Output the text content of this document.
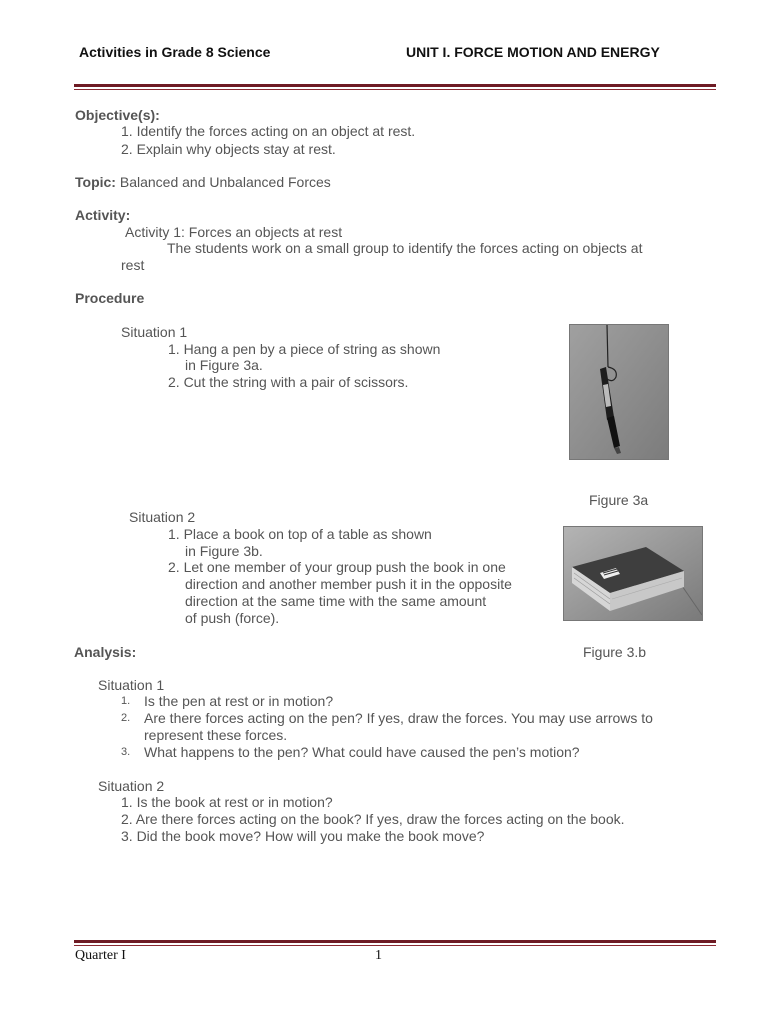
Activities in Grade 8 Science	UNIT I. FORCE MOTION AND ENERGY
Objective(s):
1. Identify the forces acting on an object at rest.
2. Explain why objects stay at rest.
Topic: Balanced and Unbalanced Forces
Activity:
Activity 1: Forces an objects at rest
The students work on a small group to identify the forces acting on objects at
rest
Procedure
Situation 1
1. Hang a pen by a piece of string as shown
in Figure 3a.
2. Cut the string with a pair of scissors.
Figure 3a
Situation 2
1. Place a book on top of a table as shown
in Figure 3b.
2. Let one member of your group push the book in one
direction and another member push it in the opposite
direction at the same time with the same amount
of push (force).
Analysis:	Figure 3.b
Situation 1
1. Is the pen at rest or in motion?
2. Are there forces acting on the pen? If yes, draw the forces. You may use arrows to
represent these forces.
3. What happens to the pen? What could have caused the pen’s motion?
Situation 2
1. Is the book at rest or in motion?
2. Are there forces acting on the book? If yes, draw the forces acting on the book.
3. Did the book move? How will you make the book move?
Quarter I	1
